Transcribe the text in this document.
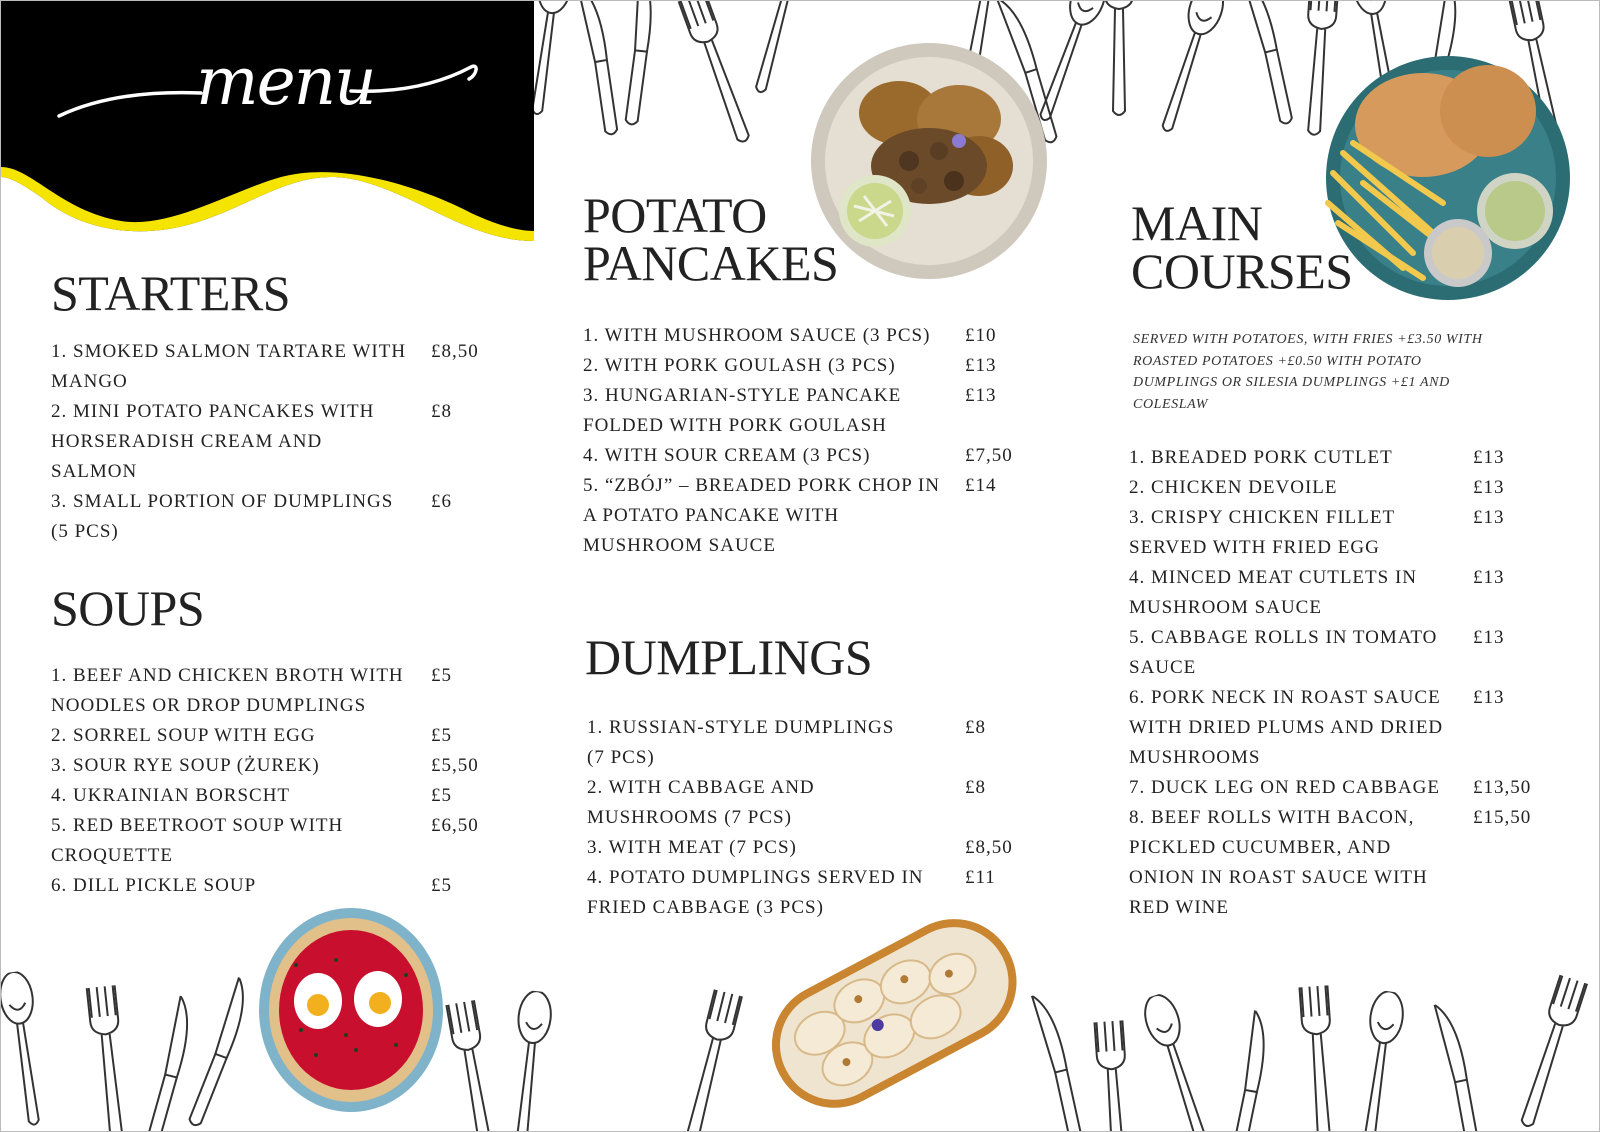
menu
STARTERS
1. SMOKED SALMON TARTARE WITH MANGO
£8,50
2. MINI POTATO PANCAKES WITH HORSERADISH CREAM AND SALMON
£8
3. SMALL PORTION OF DUMPLINGS (5 PCS)
£6
SOUPS
1. BEEF AND CHICKEN BROTH WITH NOODLES OR DROP DUMPLINGS
£5
2. SORREL SOUP WITH EGG	£5
3. SOUR RYE SOUP (ŻUREK)	£5,50
4. UKRAINIAN BORSCHT	£5
5. RED BEETROOT SOUP WITH CROQUETTE
£6,50
6. DILL PICKLE SOUP	£5
POTATO
PANCAKES
1. WITH MUSHROOM SAUCE (3 PCS)	£10
2. WITH PORK GOULASH (3 PCS)	£13
3. HUNGARIAN-STYLE PANCAKE FOLDED WITH PORK GOULASH
£13
4. WITH SOUR CREAM (3 PCS)	£7,50
5. “ZBÓJ” – BREADED PORK CHOP IN A POTATO PANCAKE WITH MUSHROOM SAUCE
£14
DUMPLINGS
1. RUSSIAN-STYLE DUMPLINGS (7 PCS)
£8
2. WITH CABBAGE AND MUSHROOMS (7 PCS)
£8
3. WITH MEAT (7 PCS)	£8,50
4. POTATO DUMPLINGS SERVED IN FRIED CABBAGE (3 PCS)
£11
MAIN
COURSES
SERVED WITH POTATOES, WITH FRIES +£3.50 WITH ROASTED POTATOES +£0.50 WITH POTATO DUMPLINGS OR SILESIA DUMPLINGS +£1 AND COLESLAW
1. BREADED PORK CUTLET	£13
2. CHICKEN DEVOILE	£13
3. CRISPY CHICKEN FILLET SERVED WITH FRIED EGG
£13
4. MINCED MEAT CUTLETS IN MUSHROOM SAUCE
£13
5. CABBAGE ROLLS IN TOMATO SAUCE
£13
6. PORK NECK IN ROAST SAUCE WITH DRIED PLUMS AND DRIED MUSHROOMS
£13
7. DUCK LEG ON RED CABBAGE	£13,50
8. BEEF ROLLS WITH BACON, PICKLED CUCUMBER, AND ONION IN ROAST SAUCE WITH RED WINE
£15,50
